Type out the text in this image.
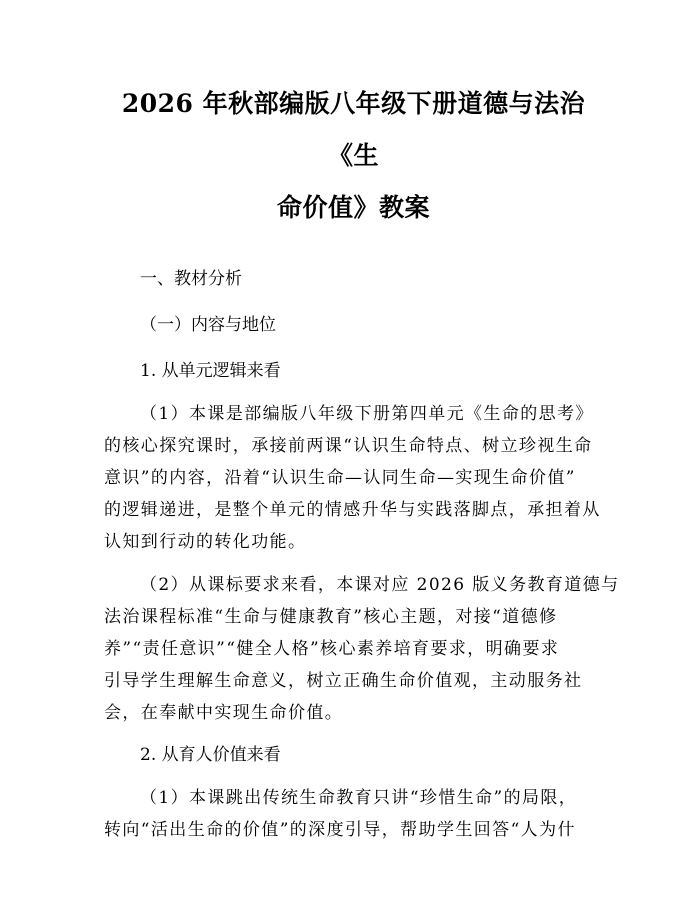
2026 年秋部编版八年级下册道德与法治《生
命价值》教案

一、教材分析

（一）内容与地位

1. 从单元逻辑来看

（1）本课是部编版八年级下册第四单元《生命的思考》
的核心探究课时，承接前两课“认识生命特点、树立珍视生命
意识”的内容，沿着“认识生命—认同生命—实现生命价值”
的逻辑递进，是整个单元的情感升华与实践落脚点，承担着从
认知到行动的转化功能。
（2）从课标要求来看，本课对应 2026 版义务教育道德与
法治课程标准“生命与健康教育”核心主题，对接“道德修
养”“责任意识”“健全人格”核心素养培育要求，明确要求
引导学生理解生命意义，树立正确生命价值观，主动服务社
会，在奉献中实现生命价值。

2. 从育人价值来看

（1）本课跳出传统生命教育只讲“珍惜生命”的局限，
转向“活出生命的价值”的深度引导，帮助学生回答“人为什
